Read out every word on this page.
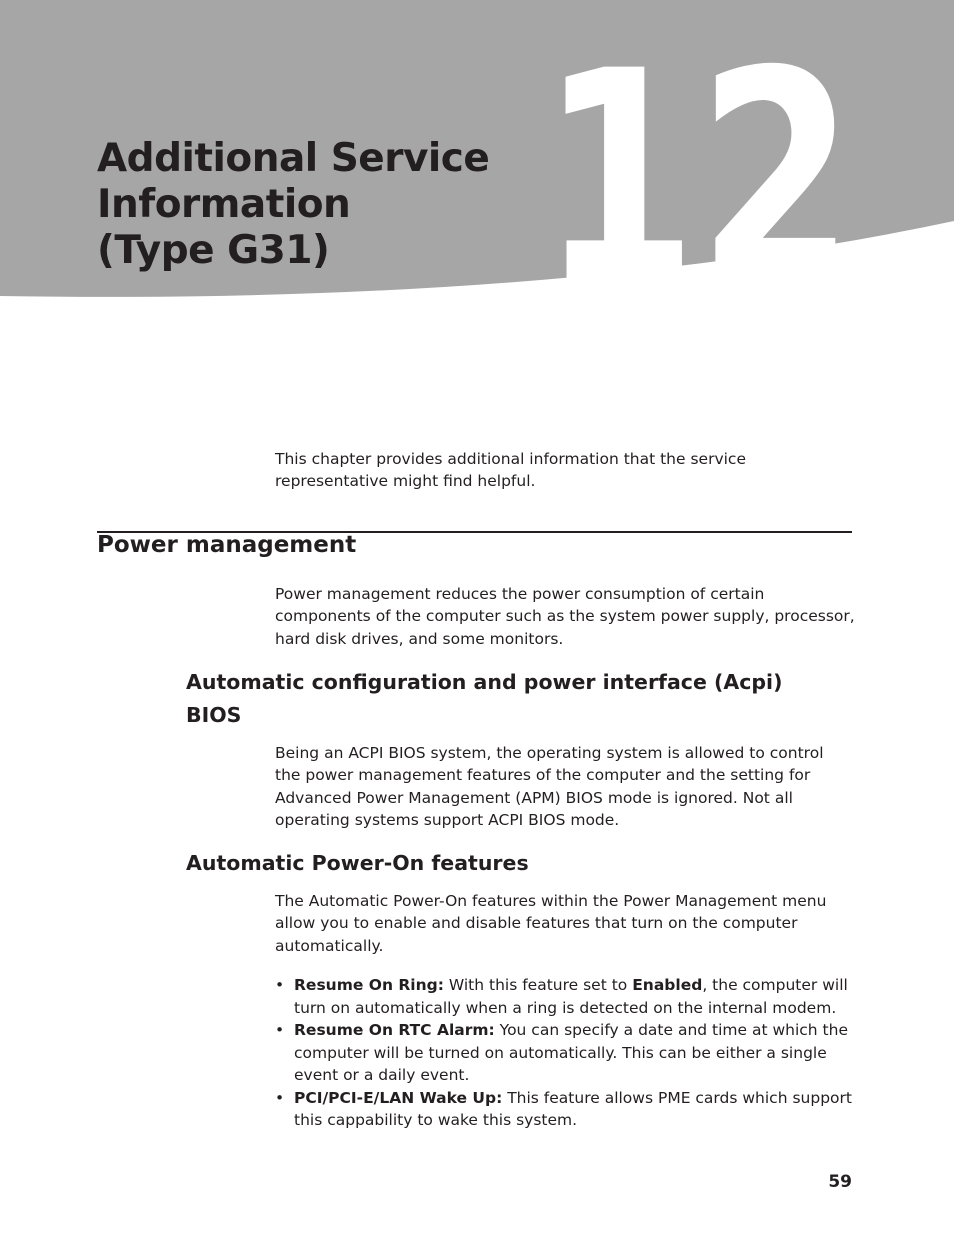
12
Additional Service
Information
(Type G31)

This chapter provides additional information that the service representative might find helpful.

Power management

Power management reduces the power consumption of certain components of the computer such as the system power supply, processor, hard disk drives, and some monitors.

Automatic configuration and power interface (Acpi) BIOS

Being an ACPI BIOS system, the operating system is allowed to control the power management features of the computer and the setting for Advanced Power Management (APM) BIOS mode is ignored. Not all operating systems support ACPI BIOS mode.

Automatic Power-On features

The Automatic Power-On features within the Power Management menu allow you to enable and disable features that turn on the computer automatically.

• Resume On Ring: With this feature set to Enabled, the computer will turn on automatically when a ring is detected on the internal modem.
• Resume On RTC Alarm: You can specify a date and time at which the computer will be turned on automatically. This can be either a single event or a daily event.
• PCI/PCI-E/LAN Wake Up: This feature allows PME cards which support this cappability to wake this system.

59
